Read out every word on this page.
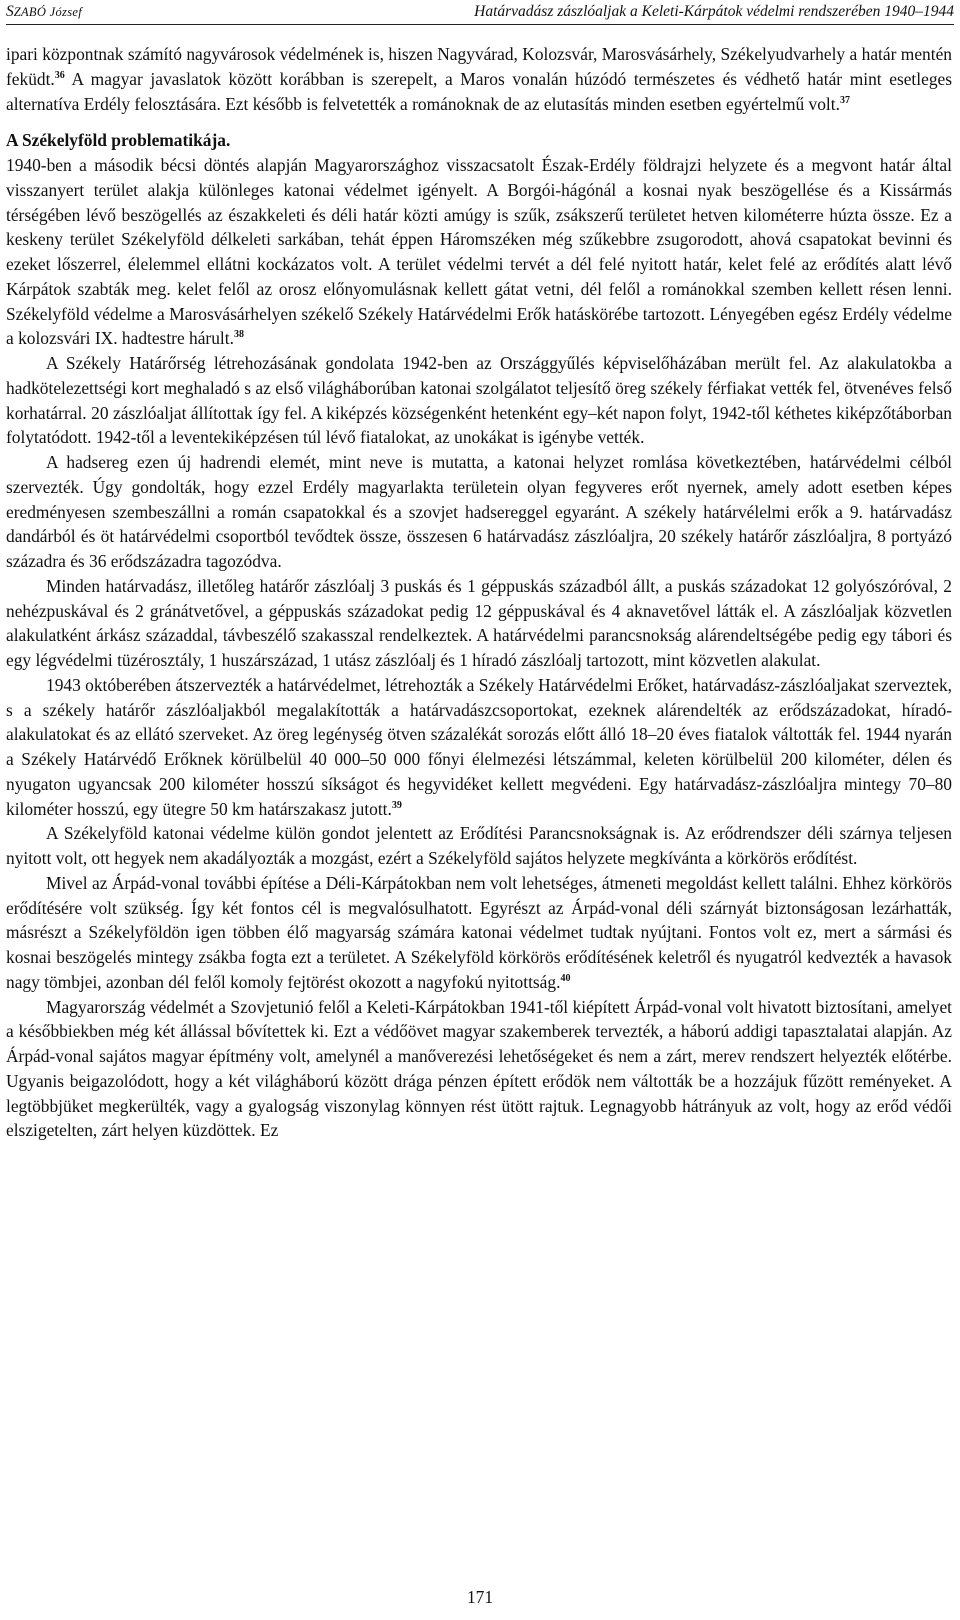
SZABÓ József	Határvadász zászlóaljak a Keleti-Kárpátok védelmi rendszerében 1940–1944

ipari központnak számító nagyvárosok védelmének is, hiszen Nagyvárad, Kolozsvár, Marosvásárhely, Székelyudvarhely a határ mentén feküdt.$^{36}$ A magyar javaslatok között korábban is szerepelt, a Maros vonalán húzódó természetes és védhető határ mint esetleges alternatíva Erdély felosztására. Ezt később is felvetették a románoknak de az elutasítás minden esetben egyértelmű volt.$^{37}$

A Székelyföld problematikája.

1940-ben a második bécsi döntés alapján Magyarországhoz visszacsatolt Észak-Erdély földrajzi helyzete és a megvont határ által visszanyert terület alakja különleges katonai védelmet igényelt. A Borgói-hágónál a kosnai nyak beszögellése és a Kissármás térségében lévő beszögellés az északkeleti és déli határ közti amúgy is szűk, zsákszerű területet hetven kilométerre húzta össze. Ez a keskeny terület Székelyföld délkeleti sarkában, tehát éppen Háromszéken még szűkebbre zsugorodott, ahová csapatokat bevinni és ezeket lőszerrel, élelemmel ellátni kockázatos volt. A terület védelmi tervét a dél felé nyitott határ, kelet felé az erődítés alatt lévő Kárpátok szabták meg. kelet felől az orosz előnyomulásnak kellett gátat vetni, dél felől a románokkal szemben kellett résen lenni. Székelyföld védelme a Marosvásárhelyen székelő Székely Határvédelmi Erők hatáskörébe tartozott. Lényegében egész Erdély védelme a kolozsvári IX. hadtestre hárult.$^{38}$

A Székely Határőrség létrehozásának gondolata 1942-ben az Országgyűlés képviselőházában merült fel. Az alakulatokba a hadkötelezettségi kort meghaladó s az első világháborúban katonai szolgálatot teljesítő öreg székely férfiakat vették fel, ötvenéves felső korhatárral. 20 zászlóaljat állítottak így fel. A kiképzés községenként hetenként egy–két napon folyt, 1942-től kéthetes kiképzőtáborban folytatódott. 1942-től a leventekiképzésen túl lévő fiatalokat, az unokákat is igénybe vették.

A hadsereg ezen új hadrendi elemét, mint neve is mutatta, a katonai helyzet romlása következtében, határvédelmi célból szervezték. Úgy gondolták, hogy ezzel Erdély magyarlakta területein olyan fegyveres erőt nyernek, amely adott esetben képes eredményesen szembeszállni a román csapatokkal és a szovjet hadsereggel egyaránt. A székely határvélelmi erők a 9. határvadász dandárból és öt határvédelmi csoportból tevődtek össze, összesen 6 határvadász zászlóaljra, 20 székely határőr zászlóaljra, 8 portyázó századra és 36 erődszázadra tagozódva.

Minden határvadász, illetőleg határőr zászlóalj 3 puskás és 1 géppuskás századból állt, a puskás századokat 12 golyószóróval, 2 nehézpuskával és 2 gránátvetővel, a géppuskás századokat pedig 12 géppuskával és 4 aknavetővel látták el. A zászlóaljak közvetlen alakulatként árkász századdal, távbeszélő szakasszal rendelkeztek. A határvédelmi parancsnokság alárendeltségébe pedig egy tábori és egy légvédelmi tüzérosztály, 1 huszárszázad, 1 utász zászlóalj és 1 híradó zászlóalj tartozott, mint közvetlen alakulat.

1943 októberében átszervezték a határvédelmet, létrehozták a Székely Határvédelmi Erőket, határvadász-zászlóaljakat szerveztek, s a székely határőr zászlóaljakból megalakították a határvadászcsoportokat, ezeknek alárendelték az erődszázadokat, híradó-alakulatokat és az ellátó szerveket. Az öreg legénység ötven százalékát sorozás előtt álló 18–20 éves fiatalok váltották fel. 1944 nyarán a Székely Határvédő Erőknek körülbelül 40 000–50 000 főnyi élelmezési létszámmal, keleten körülbelül 200 kilométer, délen és nyugaton ugyancsak 200 kilométer hosszú síkságot és hegyvidéket kellett megvédeni. Egy határvadász-zászlóaljra mintegy 70–80 kilométer hosszú, egy ütegre 50 km határszakasz jutott.$^{39}$

A Székelyföld katonai védelme külön gondot jelentett az Erődítési Parancsnokságnak is. Az erődrendszer déli szárnya teljesen nyitott volt, ott hegyek nem akadályozták a mozgást, ezért a Székelyföld sajátos helyzete megkívánta a körkörös erődítést.

Mivel az Árpád-vonal további építése a Déli-Kárpátokban nem volt lehetséges, átmeneti megoldást kellett találni. Ehhez körkörös erődítésére volt szükség. Így két fontos cél is megvalósulhatott. Egyrészt az Árpád-vonal déli szárnyát biztonságosan lezárhatták, másrészt a Székelyföldön igen többen élő magyarság számára katonai védelmet tudtak nyújtani. Fontos volt ez, mert a sármási és kosnai beszögelés mintegy zsákba fogta ezt a területet. A Székelyföld körkörös erődítésének keletről és nyugatról kedvezték a havasok nagy tömbjei, azonban dél felől komoly fejtörést okozott a nagyfokú nyitottság.$^{40}$

Magyarország védelmét a Szovjetunió felől a Keleti-Kárpátokban 1941-től kiépített Árpád-vonal volt hivatott biztosítani, amelyet a későbbiekben még két állással bővítettek ki. Ezt a védőövet magyar szakemberek tervezték, a háború addigi tapasztalatai alapján. Az Árpád-vonal sajátos magyar építmény volt, amelynél a manőverezési lehetőségeket és nem a zárt, merev rendszert helyezték előtérbe. Ugyanis beigazolódott, hogy a két világháború között drága pénzen épített erődök nem váltották be a hozzájuk fűzött reményeket. A legtöbbjüket megkerülték, vagy a gyalogság viszonylag könnyen rést ütött rajtuk. Legnagyobb hátrányuk az volt, hogy az erőd védői elszigetelten, zárt helyen küzdöttek. Ez

171
